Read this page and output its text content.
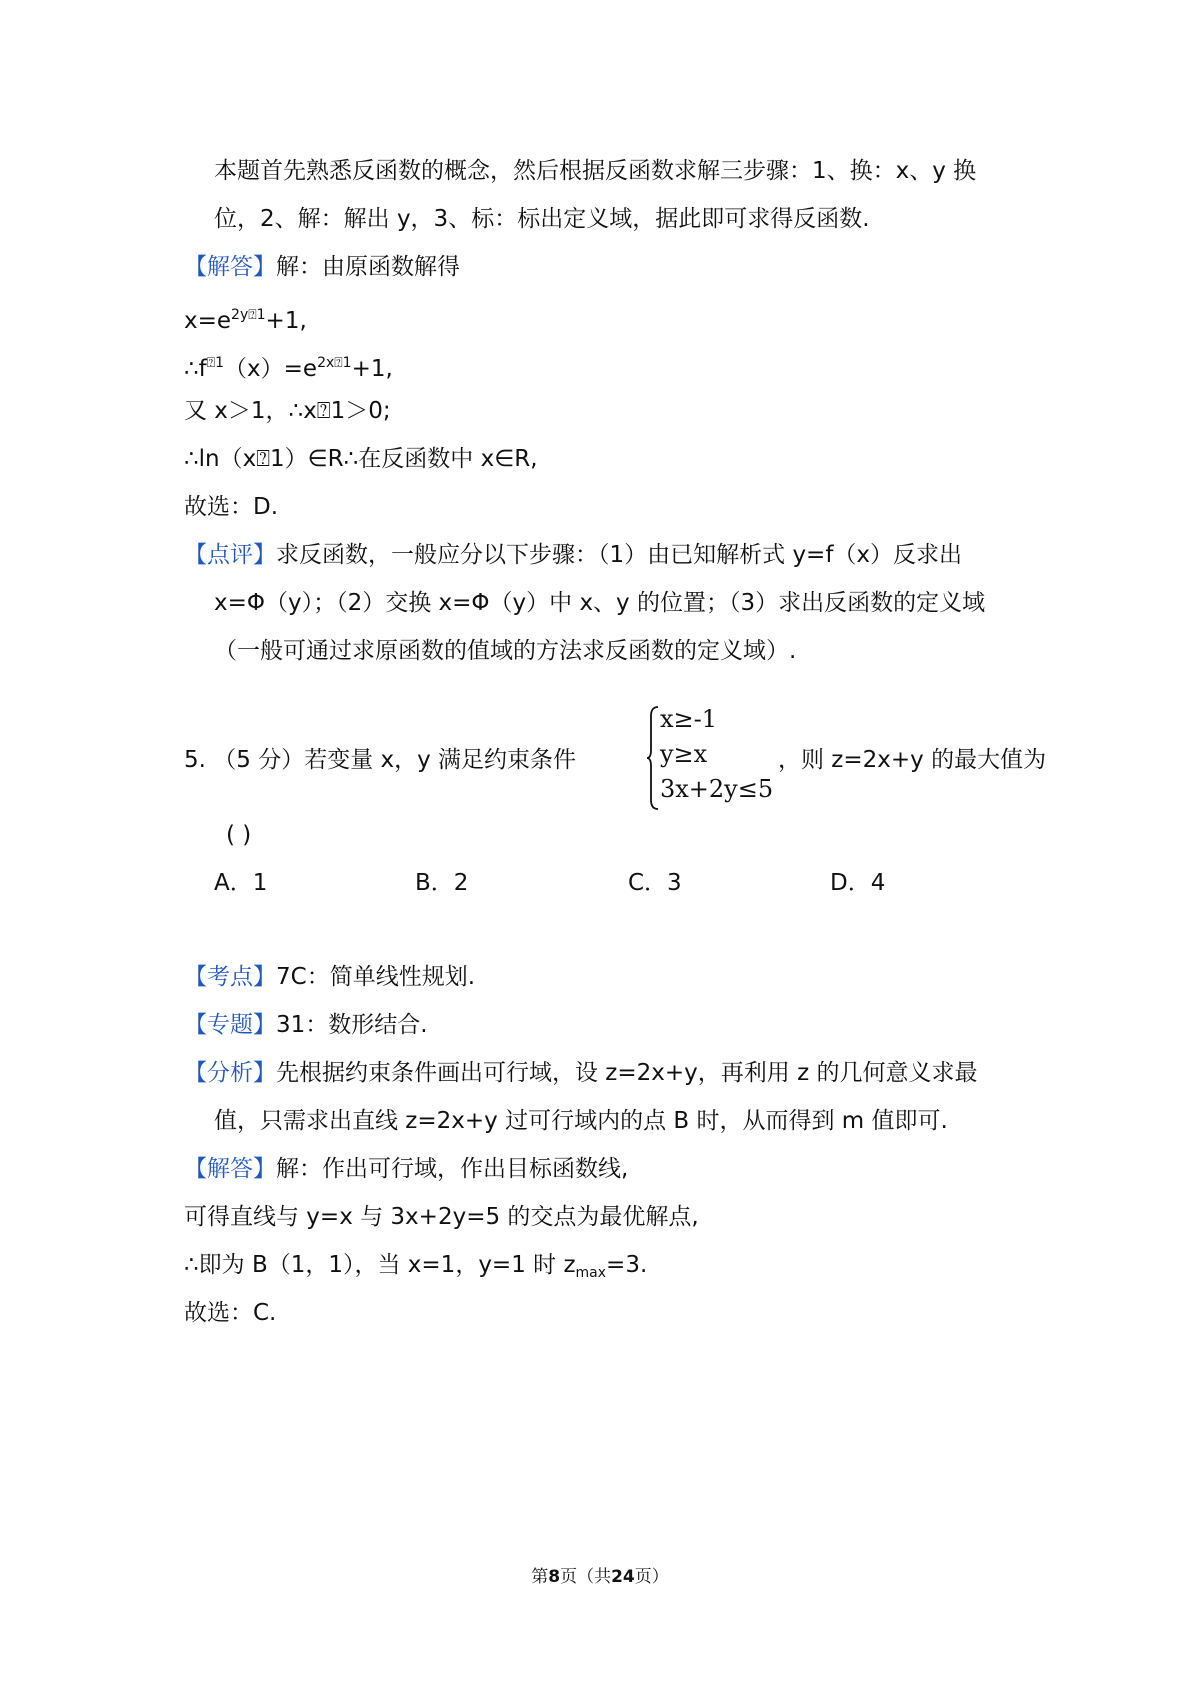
本题首先熟悉反函数的概念，然后根据反函数求解三步骤：1、换：x、y 换
位，2、解：解出 y，3、标：标出定义域，据此即可求得反函数.
【解答】解：由原函数解得
$x=e^{2y⍰1}+1$,
$\therefore f^{⍰1}(x)=e^{2x⍰1}+1$,
又 x＞1，∴x⍰1＞0;
∴ln（x⍰1）∈R∴在反函数中 x∈R,
故选：D.
【点评】求反函数，一般应分以下步骤：（1）由已知解析式 y=f（x）反求出
x=Φ（y）；（2）交换 x=Φ（y）中 x、y 的位置；（3）求出反函数的定义域
（一般可通过求原函数的值域的方法求反函数的定义域）.
5. （5 分）若变量 x，y 满足约束条件
x≥-1
y≥x
3x+2y≤5
，则 z=2x+y 的最大值为
( )
A．1	B．2	C．3	D．4
【考点】7C：简单线性规划.
【专题】31：数形结合.
【分析】先根据约束条件画出可行域，设 z=2x+y，再利用 z 的几何意义求最
值，只需求出直线 z=2x+y 过可行域内的点 B 时，从而得到 m 值即可.
【解答】解：作出可行域，作出目标函数线,
可得直线与 y=x 与 3x+2y=5 的交点为最优解点,
∴即为 B（1，1），当 x=1，y=1 时 $z_{max}=3$.
故选：C.
第8页（共24页）
